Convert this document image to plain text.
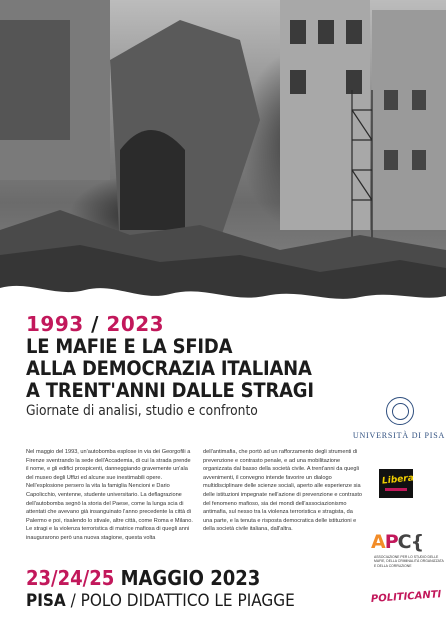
1993 / 2023
LE MAFIE E LA SFIDA
ALLA DEMOCRAZIA ITALIANA
A TRENT'ANNI DALLE STRAGI
Giornate di analisi, studio e confronto
Nel maggio del 1993, un'autobomba esplose in via dei Georgofili a Firenze sventrando la sede dell'Accademia, di cui la strada prende il nome, e gli edifici prospicenti, danneggiando gravemente un'ala del museo degli Uffizi ed alcune sue inestimabili opere. Nell'esplosione persero la vita la famiglia Nencioni e Dario Capolicchio, ventenne, studente universitario. La deflagrazione dell'autobomba segnò la storia del Paese, come la lunga scia di attentati che avevano già insanguinato l'anno precedente la città di Palermo e poi, risalendo lo stivale, altre città, come Roma e Milano. Le stragi e la violenza terroristica di matrice mafiosa di quegli anni inaugurarono però una nuova stagione, questa volta
dell'antimafia, che portò ad un rafforzamento degli strumenti di prevenzione e contrasto penale, e ad una mobilitazione organizzata dal basso della società civile. A trent'anni da quegli avvenimenti, il convegno intende favorire un dialogo multidisciplinare delle scienze sociali, aperto alle esperienze sia delle istituzioni impegnate nell'azione di prevenzione e contrasto del fenomeno mafioso, sia dei mondi dell'associazionismo antimafia, sul nesso tra la violenza terroristica e stragista, da una parte, e la tenuta e risposta democratica delle istituzioni e della società civile italiana, dall'altra.
23/24/25 MAGGIO 2023
PISA / POLO DIDATTICO LE PIAGGE
UNIVERSITÀ DI PISA
Libera
APC{
ASSOCIAZIONE PER LO STUDIO DELLE MAFIE, DELLA CRIMINALITÀ ORGANIZZATA E DELLA CORRUZIONE
POLITICANTI
